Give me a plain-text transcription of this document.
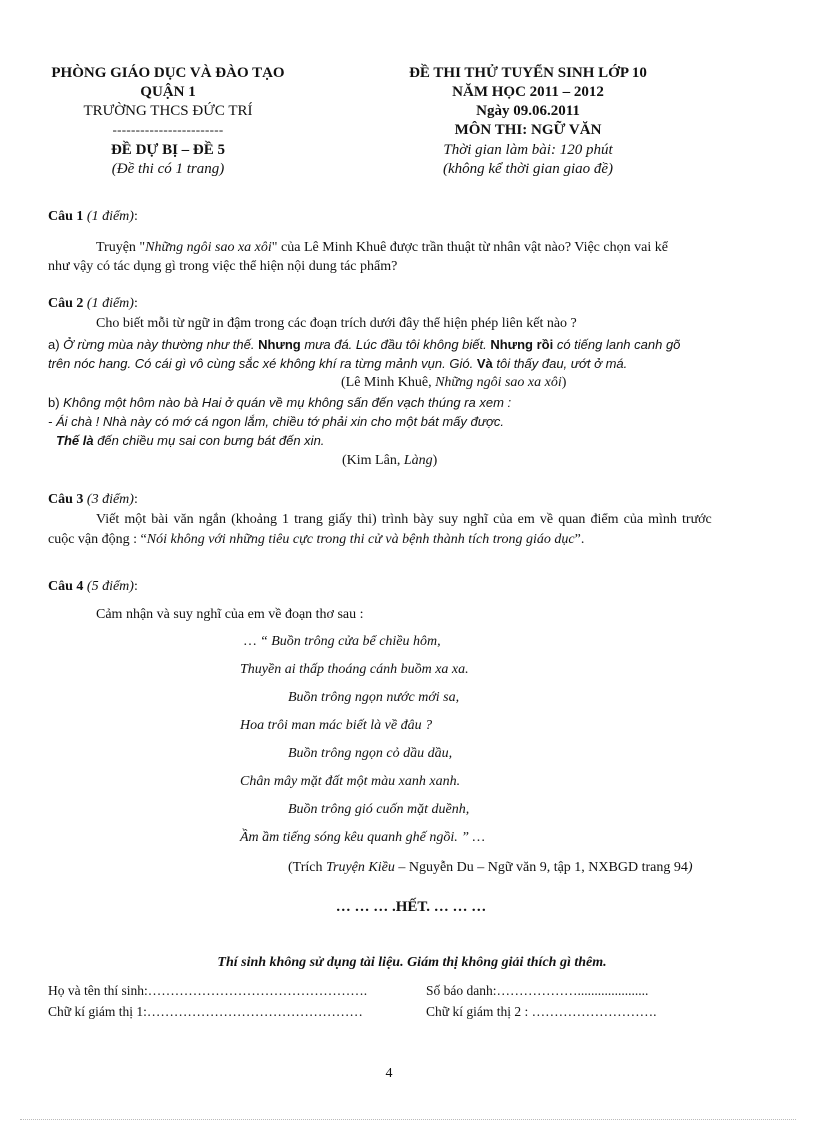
PHÒNG GIÁO DỤC VÀ ĐÀO TẠO
QUẬN 1
TRƯỜNG THCS ĐỨC TRÍ
------------------------
ĐỀ DỰ BỊ – ĐỀ 5
(Đề thi có 1 trang)
ĐỀ THI THỬ TUYỂN SINH LỚP 10
NĂM HỌC 2011 – 2012
Ngày 09.06.2011
MÔN THI: NGỮ VĂN
Thời gian làm bài: 120 phút
(không kể thời gian giao đề)
Câu 1 (1 điểm):
Truyện "Những ngôi sao xa xôi" của Lê Minh Khuê được trần thuật từ nhân vật nào? Việc chọn vai kể
như vậy có tác dụng gì trong việc thể hiện nội dung tác phẩm?
Câu 2 (1 điểm):
Cho biết mỗi từ ngữ in đậm trong các đoạn trích dưới đây thể hiện phép liên kết nào ?
a) Ở rừng mùa này thường như thế. Nhưng mưa đá. Lúc đầu tôi không biết. Nhưng rồi có tiếng lanh canh gõ
trên nóc hang. Có cái gì vô cùng sắc xé không khí ra từng mảnh vụn. Gió. Và tôi thấy đau, ướt ở má.
(Lê Minh Khuê, Những ngôi sao xa xôi)
b) Không một hôm nào bà Hai ở quán về mụ không sấn đến vạch thúng ra xem :
- Ái chà ! Nhà này có mớ cá ngon lắm, chiều tớ phải xin cho một bát mấy được.
Thế là đến chiều mụ sai con bưng bát đến xin.
(Kim Lân, Làng)
Câu 3 (3 điểm):
Viết một bài văn ngắn (khoảng 1 trang giấy thi) trình bày suy nghĩ của em về quan điểm của mình trước
cuộc vận động : “Nói không với những tiêu cực trong thi cử và bệnh thành tích trong giáo dục”.
Câu 4 (5 điểm):
Cảm nhận và suy nghĩ của em về đoạn thơ sau :
… “ Buồn trông cửa bể chiều hôm,
Thuyền ai thấp thoáng cánh buồm xa xa.
Buồn trông ngọn nước mới sa,
Hoa trôi man mác biết là về đâu ?
Buồn trông ngọn cỏ dầu dầu,
Chân mây mặt đất một màu xanh xanh.
Buồn trông gió cuốn mặt duềnh,
Ầm ầm tiếng sóng kêu quanh ghế ngồi. ” …
(Trích Truyện Kiều – Nguyễn Du – Ngữ văn 9, tập 1, NXBGD trang 94)
… … … .HẾT. … … …
Thí sinh không sử dụng tài liệu. Giám thị không giải thích gì thêm.
Họ và tên thí sinh:………………………………………….	Số báo danh:……………….....................
Chữ kí giám thị 1:…………………………………………	Chữ kí giám thị 2 : ……………………….
4
